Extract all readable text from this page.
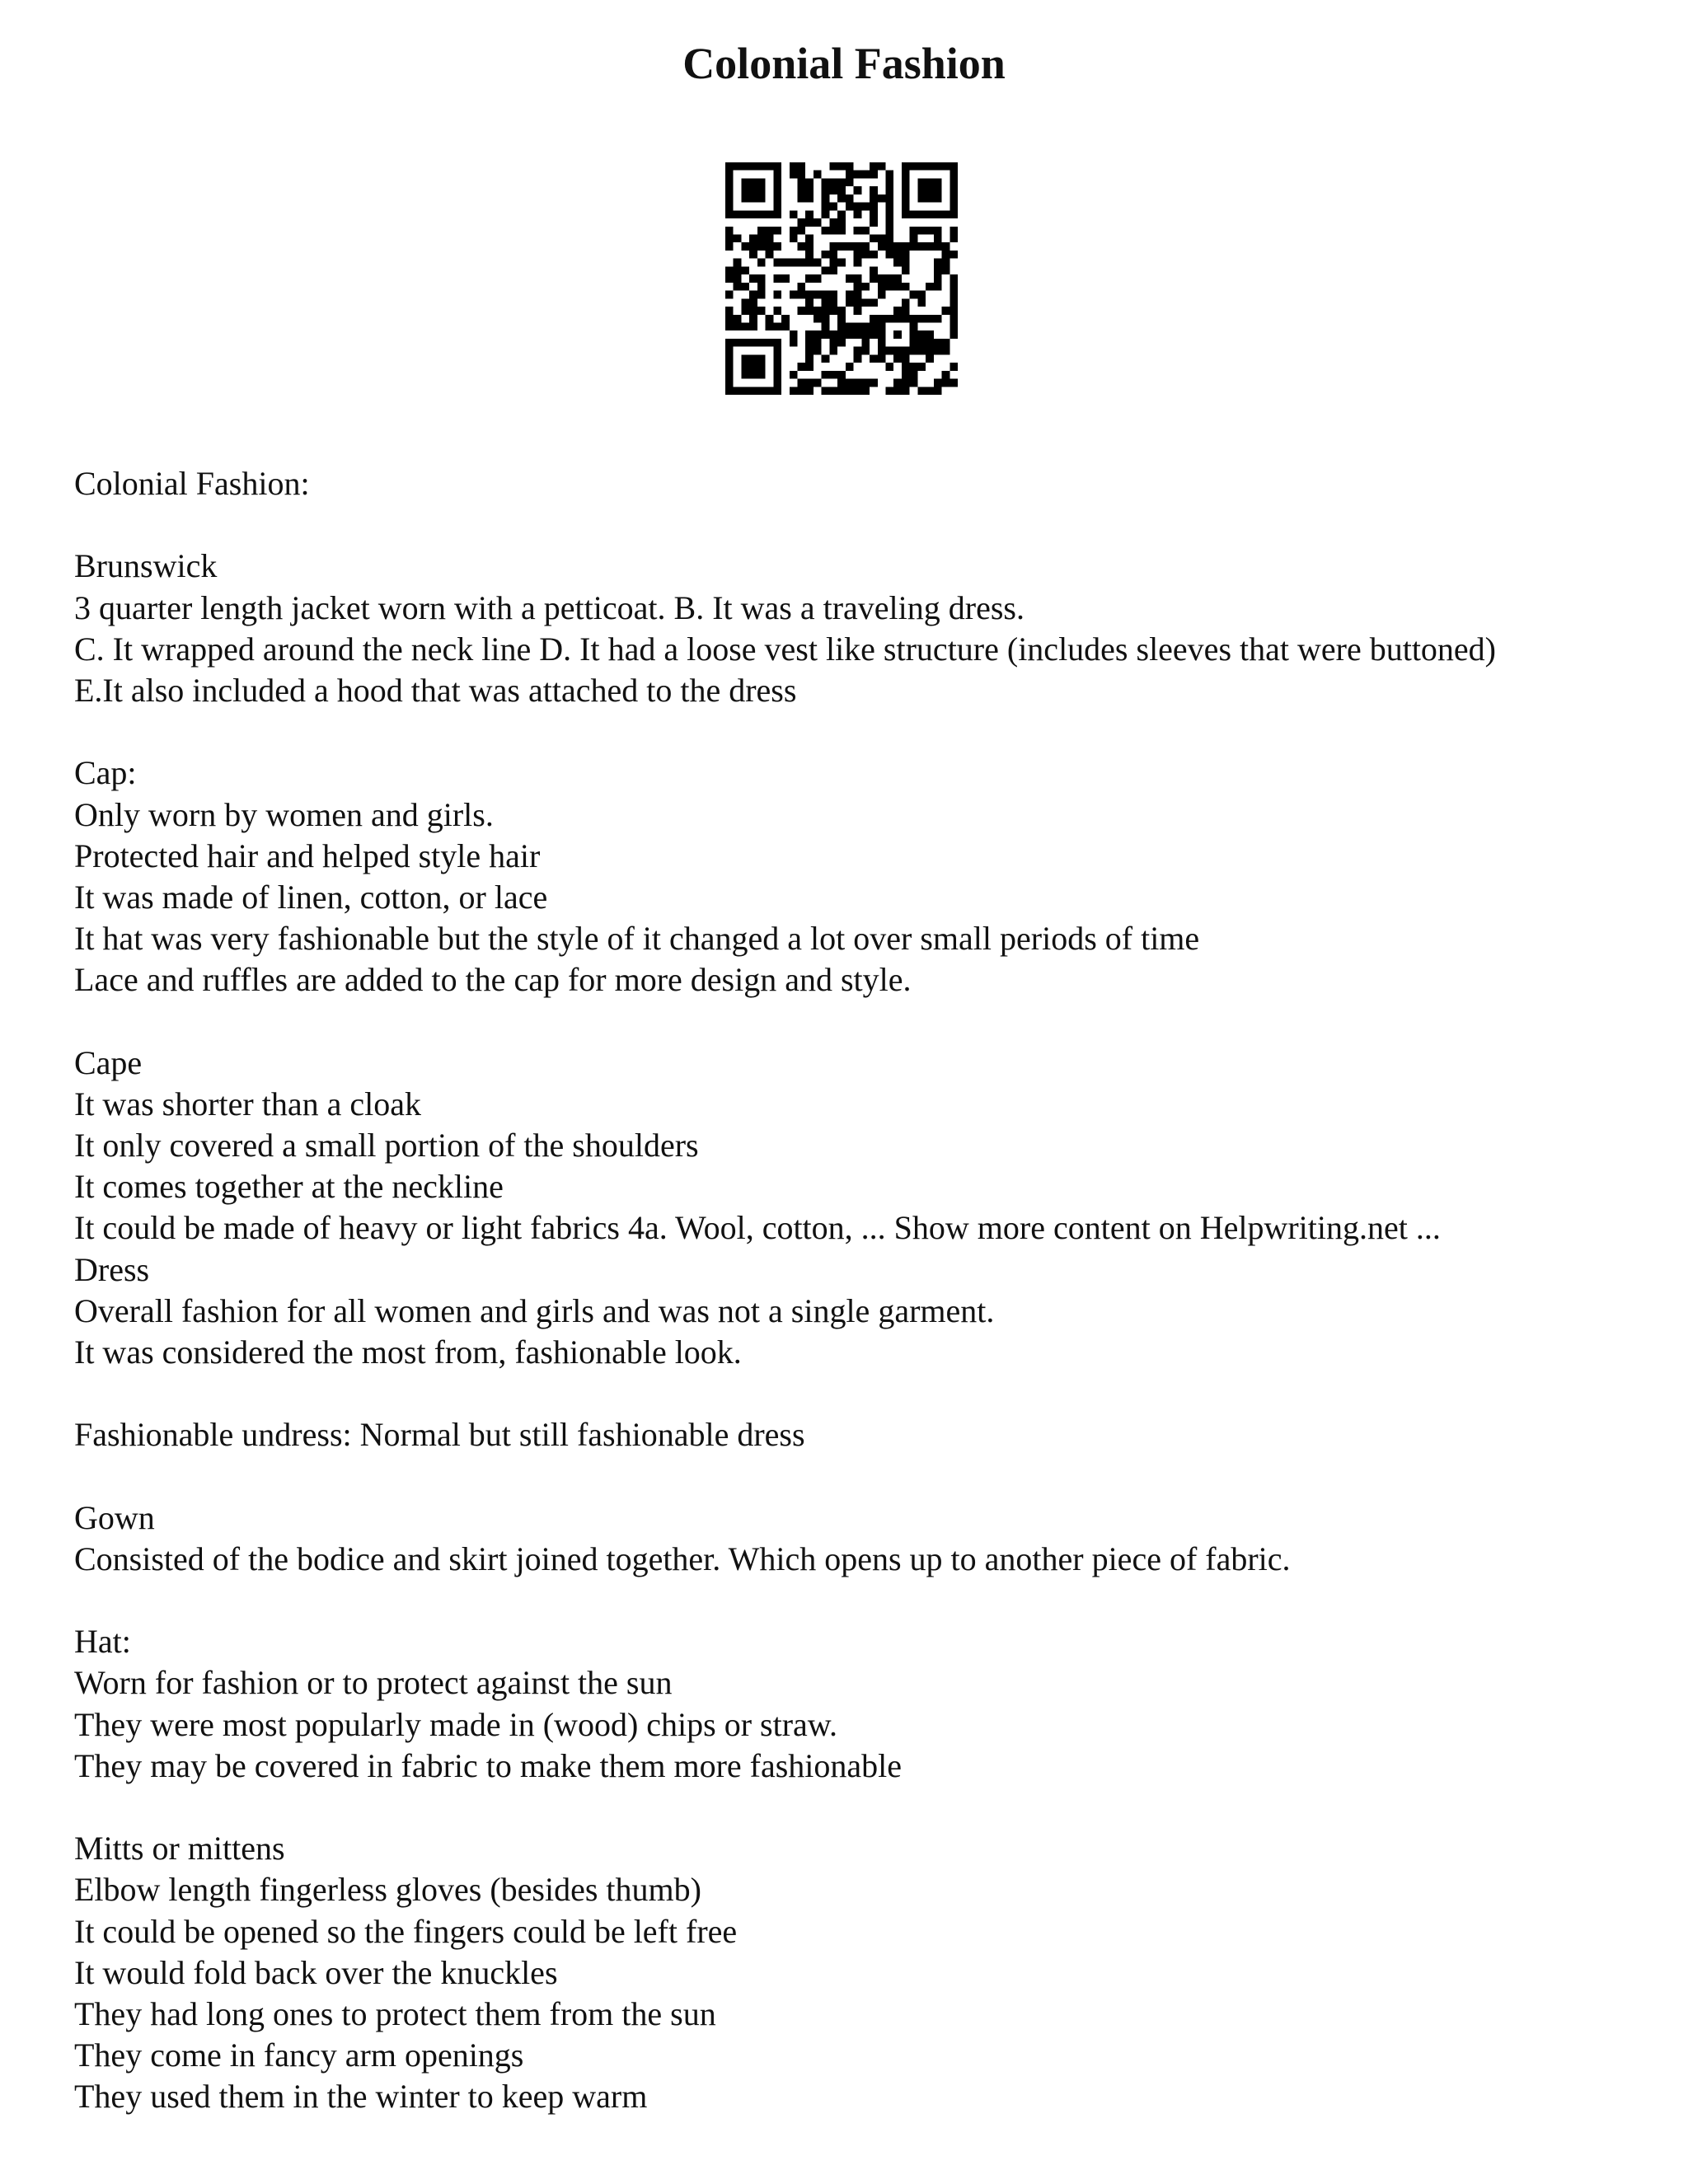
Colonial Fashion
Colonial Fashion:
Brunswick
3 quarter length jacket worn with a petticoat. B. It was a traveling dress.
C. It wrapped around the neck line D. It had a loose vest like structure (includes sleeves that were buttoned)
E.It also included a hood that was attached to the dress
Cap:
Only worn by women and girls.
Protected hair and helped style hair
It was made of linen, cotton, or lace
It hat was very fashionable but the style of it changed a lot over small periods of time
Lace and ruffles are added to the cap for more design and style.
Cape
It was shorter than a cloak
It only covered a small portion of the shoulders
It comes together at the neckline
It could be made of heavy or light fabrics 4a. Wool, cotton, ... Show more content on Helpwriting.net ...
Dress
Overall fashion for all women and girls and was not a single garment.
It was considered the most from, fashionable look.
Fashionable undress: Normal but still fashionable dress
Gown
Consisted of the bodice and skirt joined together. Which opens up to another piece of fabric.
Hat:
Worn for fashion or to protect against the sun
They were most popularly made in (wood) chips or straw.
They may be covered in fabric to make them more fashionable
Mitts or mittens
Elbow length fingerless gloves (besides thumb)
It could be opened so the fingers could be left free
It would fold back over the knuckles
They had long ones to protect them from the sun
They come in fancy arm openings
They used them in the winter to keep warm
